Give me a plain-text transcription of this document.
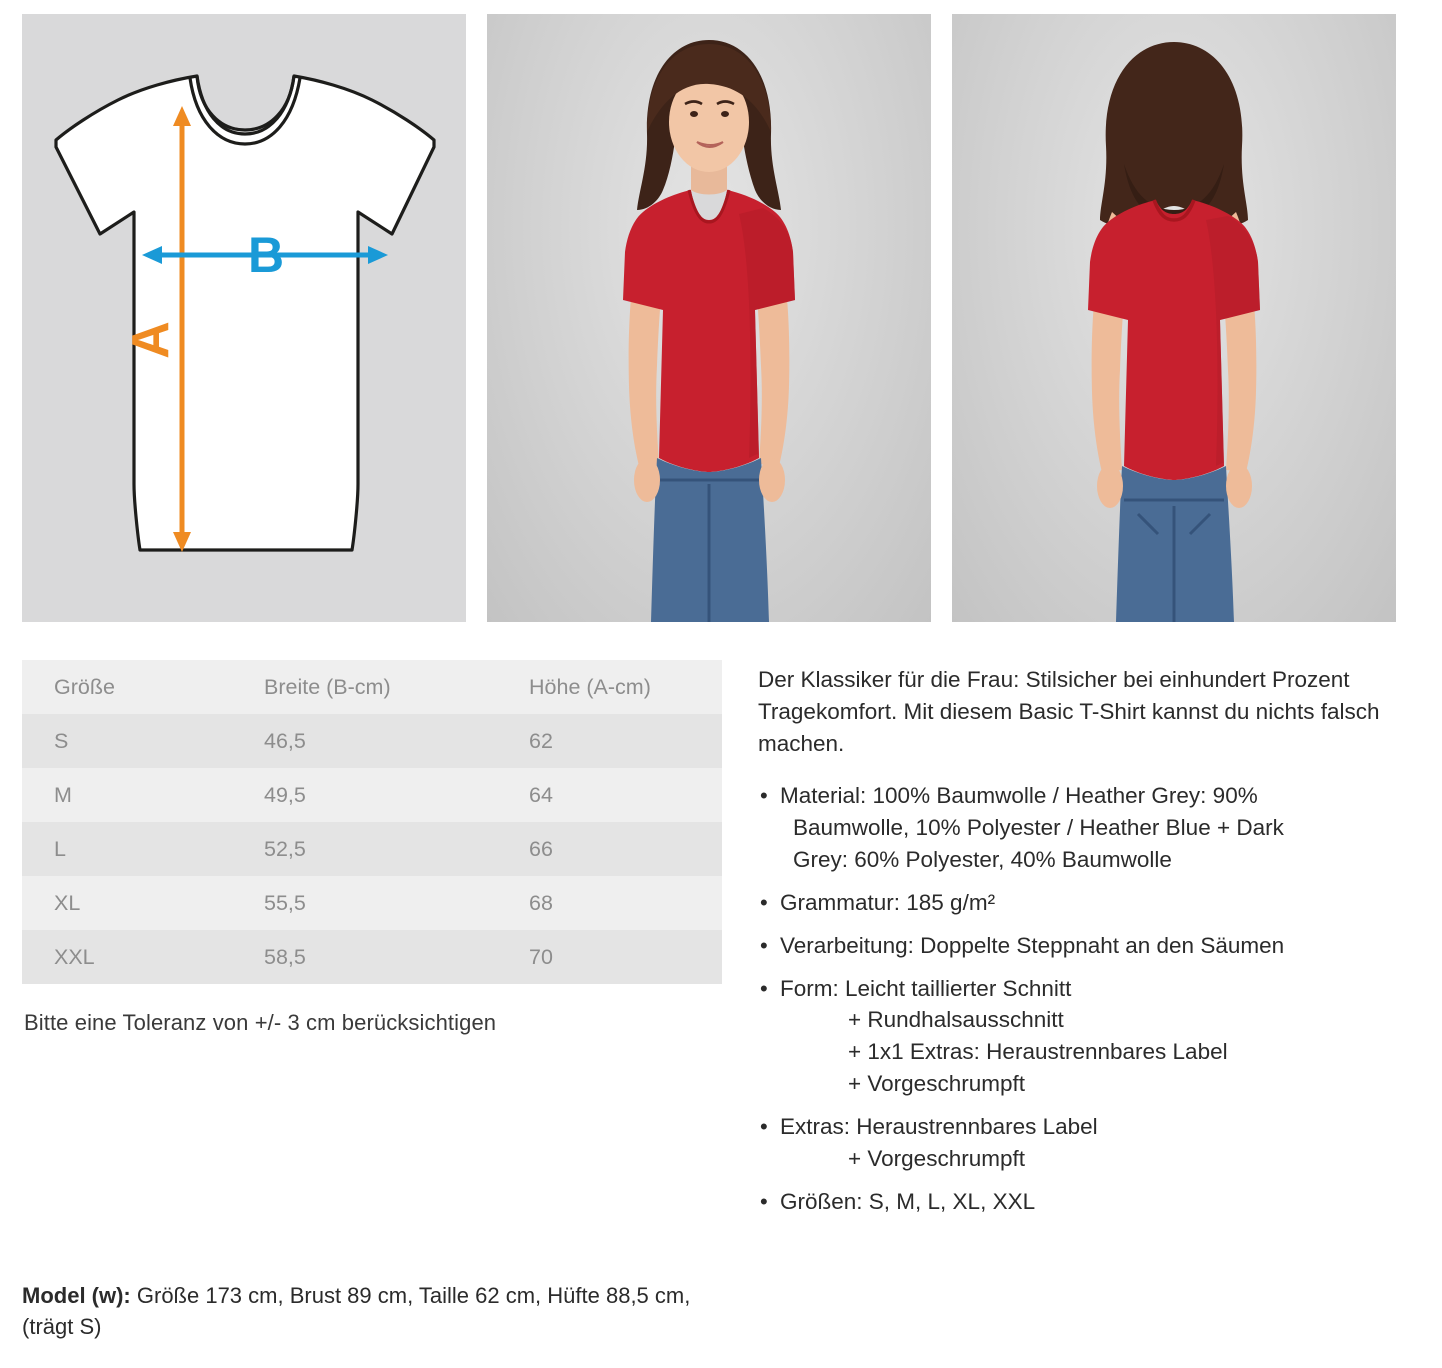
A
B
Größe	Breite (B-cm)	Höhe (A-cm)
S	46,5	62
M	49,5	64
L	52,5	66
XL	55,5	68
XXL	58,5	70
Bitte eine Toleranz von +/- 3 cm berücksichtigen

Der Klassiker für die Frau: Stilsicher bei einhundert Prozent Tragekomfort. Mit diesem Basic T-Shirt kannst du nichts falsch machen.

• Material: 100% Baumwolle / Heather Grey: 90%
Baumwolle, 10% Polyester / Heather Blue + Dark
Grey: 60% Polyester, 40% Baumwolle
• Grammatur: 185 g/m²
• Verarbeitung: Doppelte Steppnaht an den Säumen
• Form: Leicht taillierter Schnitt
+ Rundhalsausschnitt
+ 1x1 Extras: Heraustrennbares Label
+ Vorgeschrumpft
• Extras: Heraustrennbares Label
+ Vorgeschrumpft
• Größen: S, M, L, XL, XXL
Model (w): Größe 173 cm, Brust 89 cm, Taille 62 cm, Hüfte 88,5 cm, (trägt S)
